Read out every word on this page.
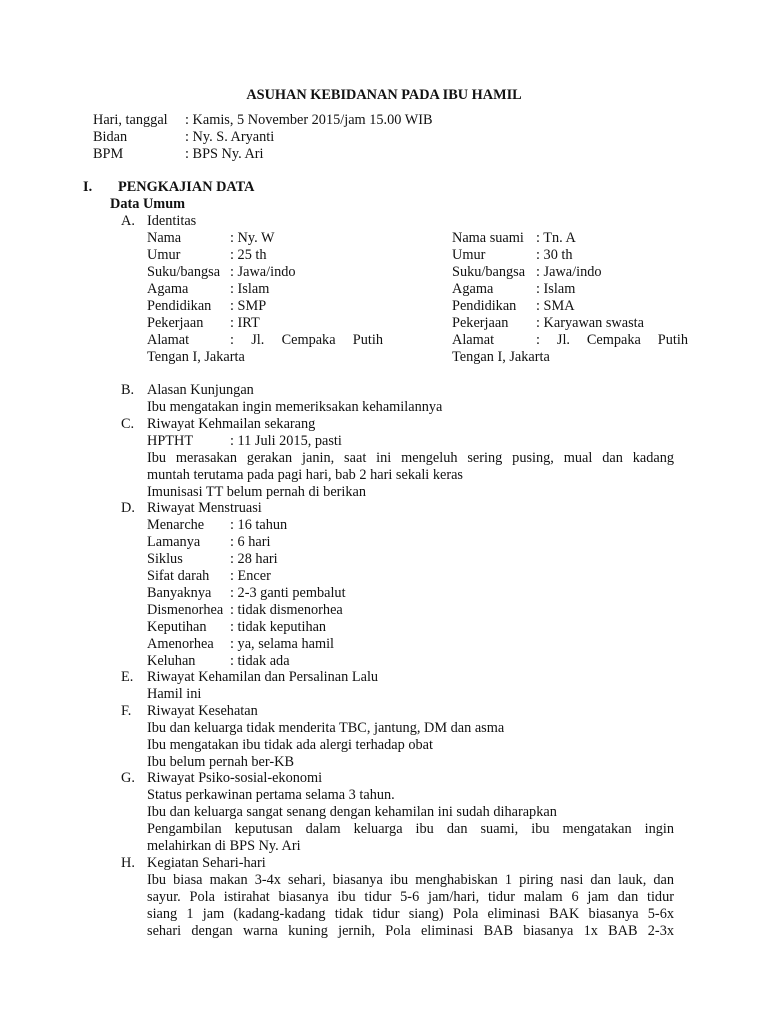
ASUHAN KEBIDANAN PADA IBU HAMIL
Hari, tanggal : Kamis, 5 November 2015/jam 15.00 WIB
Bidan	: Ny. S. Aryanti
BPM	: BPS Ny. Ari
I. PENGKAJIAN DATA
Data Umum
A. Identitas
Nama	: Ny. W
Umur	: 25 th
Suku/bangsa : Jawa/indo
Agama	: Islam
Pendidikan : SMP
Pekerjaan : IRT
Alamat	: Jl. Cempaka Putih
Tengan I, Jakarta
Nama suami : Tn. A
Umur	: 30 th
Suku/bangsa : Jawa/indo
Agama	: Islam
Pendidikan : SMA
Pekerjaan : Karyawan swasta
Alamat	: Jl. Cempaka Putih
Tengan I, Jakarta
B. Alasan Kunjungan
Ibu mengatakan ingin memeriksakan kehamilannya
C. Riwayat Kehmailan sekarang
HPTHT	: 11 Juli 2015, pasti
Ibu merasakan gerakan janin, saat ini mengeluh sering pusing, mual dan kadang
muntah terutama pada pagi hari, bab 2 hari sekali keras
Imunisasi TT belum pernah di berikan
D. Riwayat Menstruasi
Menarche : 16 tahun
Lamanya : 6 hari
Siklus	: 28 hari
Sifat darah : Encer
Banyaknya : 2-3 ganti pembalut
Dismenorhea : tidak dismenorhea
Keputihan : tidak keputihan
Amenorhea : ya, selama hamil
Keluhan : tidak ada
E. Riwayat Kehamilan dan Persalinan Lalu
Hamil ini
F. Riwayat Kesehatan
Ibu dan keluarga tidak menderita TBC, jantung, DM dan asma
Ibu mengatakan ibu tidak ada alergi terhadap obat
Ibu belum pernah ber-KB
G. Riwayat Psiko-sosial-ekonomi
Status perkawinan pertama selama 3 tahun.
Ibu dan keluarga sangat senang dengan kehamilan ini sudah diharapkan
Pengambilan keputusan dalam keluarga ibu dan suami, ibu mengatakan ingin
melahirkan di BPS Ny. Ari
H. Kegiatan Sehari-hari
Ibu biasa makan 3-4x sehari, biasanya ibu menghabiskan 1 piring nasi dan lauk, dan
sayur. Pola istirahat biasanya ibu tidur 5-6 jam/hari, tidur malam 6 jam dan tidur
siang 1 jam (kadang-kadang tidak tidur siang) Pola eliminasi BAK biasanya 5-6x
sehari dengan warna kuning jernih, Pola eliminasi BAB biasanya 1x BAB 2-3x
